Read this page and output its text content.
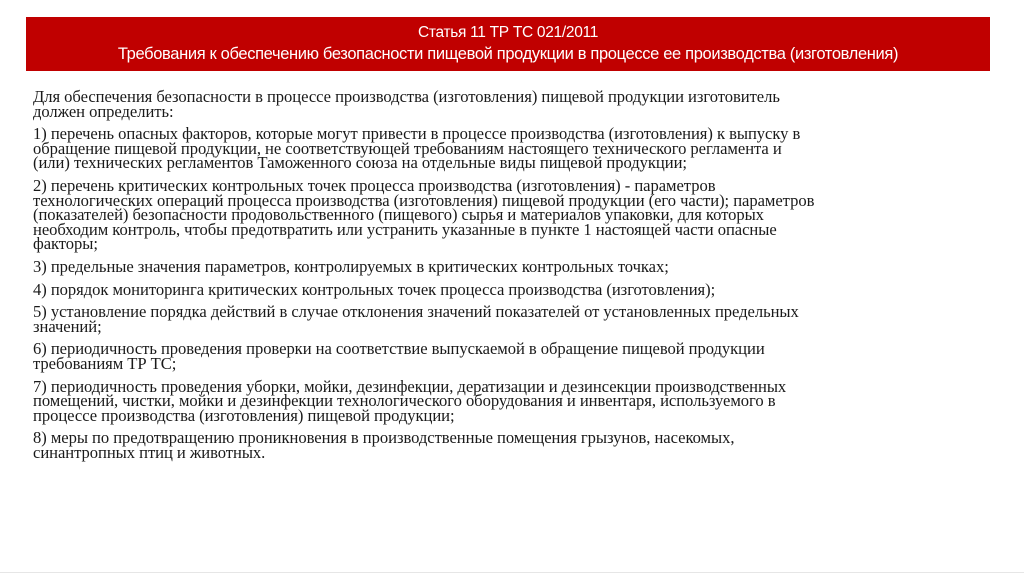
Статья 11 ТР ТС 021/2011
Требования к обеспечению безопасности пищевой продукции в процессе ее производства (изготовления)

Для обеспечения безопасности в процессе производства (изготовления) пищевой продукции изготовитель
должен определить:

1) перечень опасных факторов, которые могут привести в процессе производства (изготовления) к выпуску в
обращение пищевой продукции, не соответствующей требованиям настоящего технического регламента и
(или) технических регламентов Таможенного союза на отдельные виды пищевой продукции;

2) перечень критических контрольных точек процесса производства (изготовления) - параметров
технологических операций процесса производства (изготовления) пищевой продукции (его части); параметров
(показателей) безопасности продовольственного (пищевого) сырья и материалов упаковки, для которых
необходим контроль, чтобы предотвратить или устранить указанные в пункте 1 настоящей части опасные
факторы;

3) предельные значения параметров, контролируемых в критических контрольных точках;

4) порядок мониторинга критических контрольных точек процесса производства (изготовления);

5) установление порядка действий в случае отклонения значений показателей от установленных предельных
значений;

6) периодичность проведения проверки на соответствие выпускаемой в обращение пищевой продукции
требованиям ТР ТС;

7) периодичность проведения уборки, мойки, дезинфекции, дератизации и дезинсекции производственных
помещений, чистки, мойки и дезинфекции технологического оборудования и инвентаря, используемого в
процессе производства (изготовления) пищевой продукции;

8) меры по предотвращению проникновения в производственные помещения грызунов, насекомых,
синантропных птиц и животных.
